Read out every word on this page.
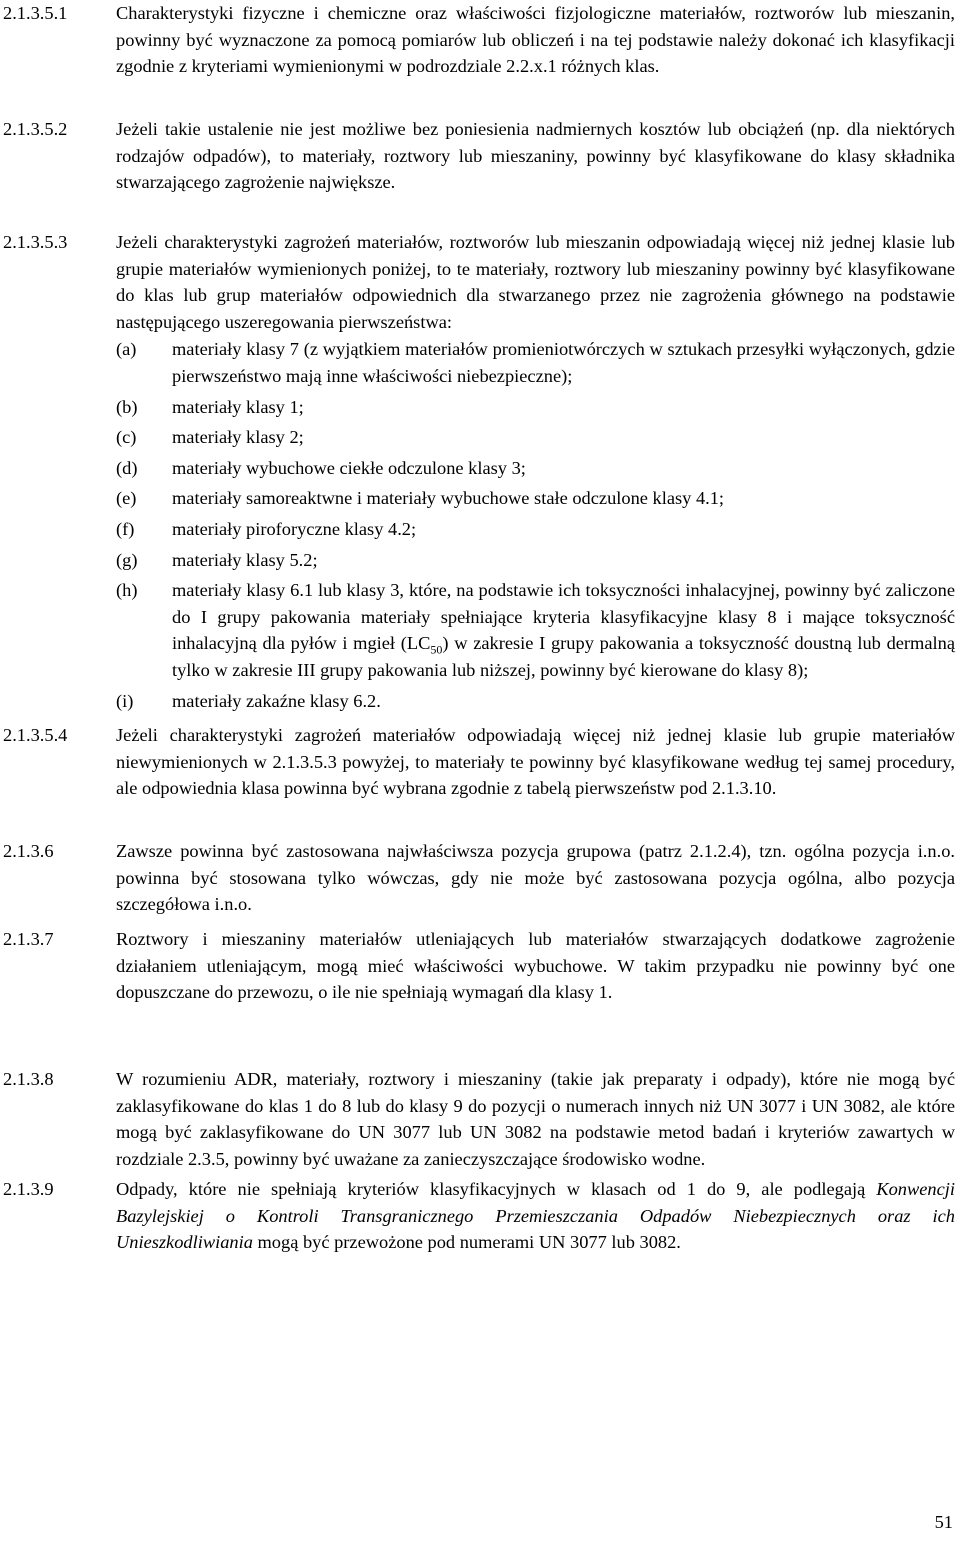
2.1.3.5.1	Charakterystyki fizyczne i chemiczne oraz właściwości fizjologiczne materiałów, roztworów lub mieszanin, powinny być wyznaczone za pomocą pomiarów lub obliczeń i na tej podstawie należy dokonać ich klasyfikacji zgodnie z kryteriami wymienionymi w podrozdziale 2.2.x.1 różnych klas.
2.1.3.5.2	Jeżeli takie ustalenie nie jest możliwe bez poniesienia nadmiernych kosztów lub obciążeń (np. dla niektórych rodzajów odpadów), to materiały, roztwory lub mieszaniny, powinny być klasyfikowane do klasy składnika stwarzającego zagrożenie największe.
2.1.3.5.3	Jeżeli charakterystyki zagrożeń materiałów, roztworów lub mieszanin odpowiadają więcej niż jednej klasie lub grupie materiałów wymienionych poniżej, to te materiały, roztwory lub mieszaniny powinny być klasyfikowane do klas lub grup materiałów odpowiednich dla stwarzanego przez nie zagrożenia głównego na podstawie następującego uszeregowania pierwszeństwa:
(a) materiały klasy 7 (z wyjątkiem materiałów promieniotwórczych w sztukach przesyłki wyłączonych, gdzie pierwszeństwo mają inne właściwości niebezpieczne);
(b) materiały klasy 1;
(c) materiały klasy 2;
(d) materiały wybuchowe ciekłe odczulone klasy 3;
(e) materiały samoreaktwne i materiały wybuchowe stałe odczulone klasy 4.1;
(f) materiały piroforyczne klasy 4.2;
(g) materiały klasy 5.2;
(h) materiały klasy 6.1 lub klasy 3, które, na podstawie ich toksyczności inhalacyjnej, powinny być zaliczone do I grupy pakowania materiały spełniające kryteria klasyfikacyjne klasy 8 i mające toksyczność inhalacyjną dla pyłów i mgieł $(LC_{50})$ w zakresie I grupy pakowania a toksyczność doustną lub dermalną tylko w zakresie III grupy pakowania lub niższej, powinny być kierowane do klasy 8);
(i) materiały zakaźne klasy 6.2.
2.1.3.5.4	Jeżeli charakterystyki zagrożeń materiałów odpowiadają więcej niż jednej klasie lub grupie materiałów niewymienionych w 2.1.3.5.3 powyżej, to materiały te powinny być klasyfikowane według tej samej procedury, ale odpowiednia klasa powinna być wybrana zgodnie z tabelą pierwszeństw pod 2.1.3.10.
2.1.3.6	Zawsze powinna być zastosowana najwłaściwsza pozycja grupowa (patrz 2.1.2.4), tzn. ogólna pozycja i.n.o. powinna być stosowana tylko wówczas, gdy nie może być zastosowana pozycja ogólna, albo pozycja szczegółowa i.n.o.
2.1.3.7	Roztwory i mieszaniny materiałów utleniających lub materiałów stwarzających dodatkowe zagrożenie działaniem utleniającym, mogą mieć właściwości wybuchowe. W takim przypadku nie powinny być one dopuszczane do przewozu, o ile nie spełniają wymagań dla klasy 1.
2.1.3.8	W rozumieniu ADR, materiały, roztwory i mieszaniny (takie jak preparaty i odpady), które nie mogą być zaklasyfikowane do klas 1 do 8 lub do klasy 9 do pozycji o numerach innych niż UN 3077 i UN 3082, ale które mogą być zaklasyfikowane do UN 3077 lub UN 3082 na podstawie metod badań i kryteriów zawartych w rozdziale 2.3.5, powinny być uważane za zanieczyszczające środowisko wodne.
2.1.3.9	Odpady, które nie spełniają kryteriów klasyfikacyjnych w klasach od 1 do 9, ale podlegają Konwencji Bazylejskiej o Kontroli Transgranicznego Przemieszczania Odpadów Niebezpiecznych oraz ich Unieszkodliwiania mogą być przewożone pod numerami UN 3077 lub 3082.
51
